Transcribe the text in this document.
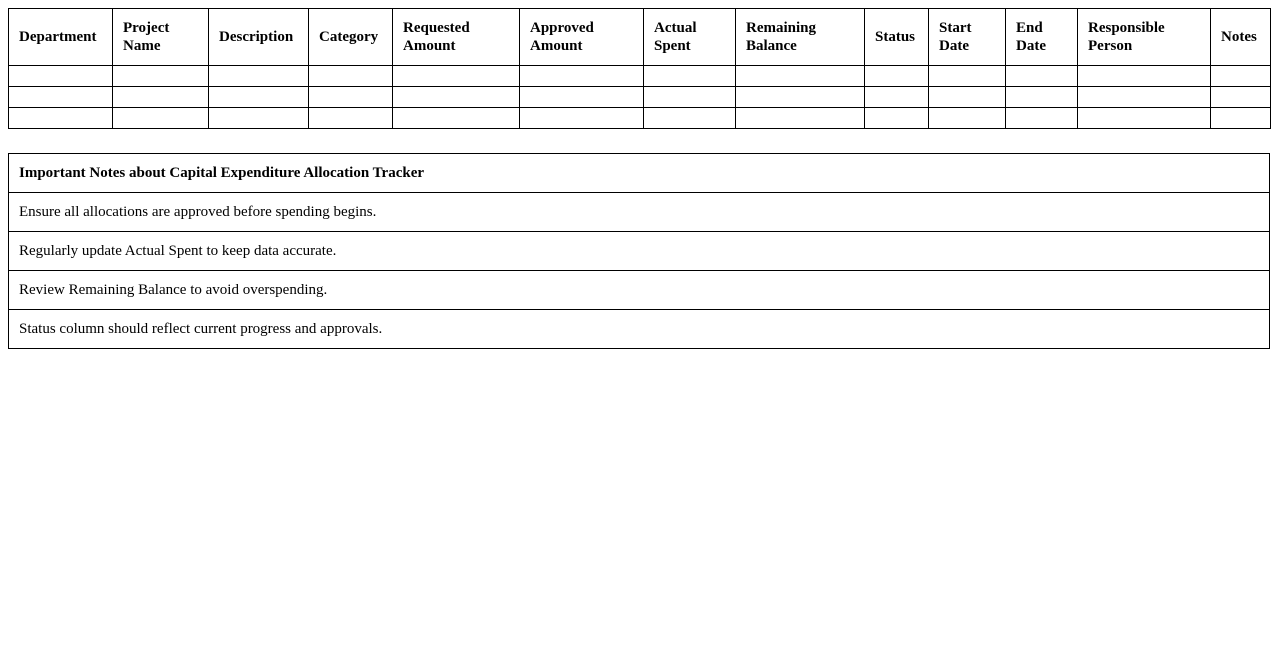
Department	Project Name	Description	Category	Requested Amount	Approved Amount	Actual Spent	Remaining Balance	Status	Start Date	End Date	Responsible Person	Notes

Important Notes about Capital Expenditure Allocation Tracker
Ensure all allocations are approved before spending begins.
Regularly update Actual Spent to keep data accurate.
Review Remaining Balance to avoid overspending.
Status column should reflect current progress and approvals.
